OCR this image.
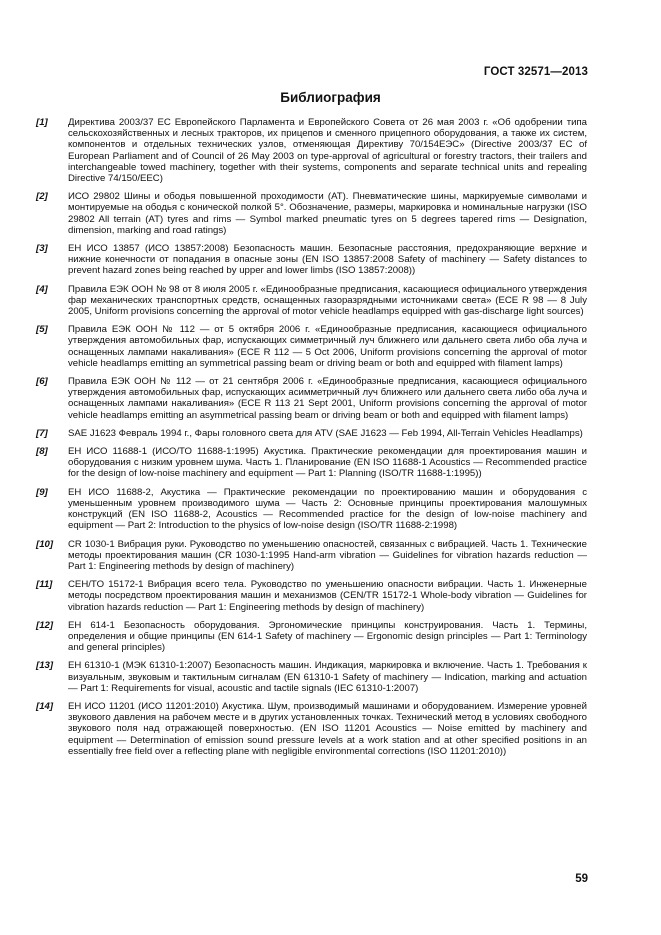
ГОСТ 32571—2013
Библиография
[1]	Директива 2003/37 ЕС Европейского Парламента и Европейского Совета от 26 мая 2003 г. «Об одобрении типа сельскохозяйственных и лесных тракторов, их прицепов и сменного прицепного оборудования, а также их систем, компонентов и отдельных технических узлов, отменяющая Директиву 70/154ЕЭС» (Directive 2003/37 EC of European Parliament and of Council of 26 May 2003 on type-approval of agricultural or forestry tractors, their trailers and interchangeable towed machinery, together with their systems, components and separate technical units and repealing Directive 74/150/EEC)
[2]	ИСО 29802 Шины и ободья повышенной проходимости (AT). Пневматические шины, маркируемые символами и монтируемые на ободья с конической полкой 5°. Обозначение, размеры, маркировка и номинальные нагрузки (ISO 29802 All terrain (AT) tyres and rims — Symbol marked pneumatic tyres on 5 degrees tapered rims — Designation, dimension, marking and road ratings)
[3]	ЕН ИСО 13857 (ИСО 13857:2008) Безопасность машин. Безопасные расстояния, предохраняющие верхние и нижние конечности от попадания в опасные зоны (EN ISO 13857:2008 Safety of machinery — Safety distances to prevent hazard zones being reached by upper and lower limbs (ISO 13857:2008))
[4]	Правила ЕЭК ООН № 98 от 8 июля 2005 г. «Единообразные предписания, касающиеся официального утверждения фар механических транспортных средств, оснащенных газоразрядными источниками света» (ECE R 98 — 8 July 2005, Uniform provisions concerning the approval of motor vehicle headlamps equipped with gas-discharge light sources)
[5]	Правила ЕЭК ООН № 112 — от 5 октября 2006 г. «Единообразные предписания, касающиеся официального утверждения автомобильных фар, испускающих симметричный луч ближнего или дальнего света либо оба луча и оснащенных лампами накаливания» (ECE R 112 — 5 Oct 2006, Uniform provisions concerning the approval of motor vehicle headlamps emitting an symmetrical passing beam or driving beam or both and equipped with filament lamps)
[6]	Правила ЕЭК ООН № 112 — от 21 сентября 2006 г. «Единообразные предписания, касающиеся официального утверждения автомобильных фар, испускающих асимметричный луч ближнего или дальнего света либо оба луча и оснащенных лампами накаливания» (ECE R 113 21 Sept 2001, Uniform provisions concerning the approval of motor vehicle headlamps emitting an asymmetrical passing beam or driving beam or both and equipped with filament lamps)
[7]	SAE J1623 Февраль 1994 г., Фары головного света для ATV (SAE J1623 — Feb 1994, All-Terrain Vehicles Headlamps)
[8]	ЕН ИСО 11688-1 (ИСО/ТО 11688-1:1995) Акустика. Практические рекомендации для проектирования машин и оборудования с низким уровнем шума. Часть 1. Планирование (EN ISO 11688-1 Acoustics — Recommended practice for the design of low-noise machinery and equipment — Part 1: Planning (ISO/TR 11688-1:1995))
[9]	ЕН ИСО 11688-2, Акустика — Практические рекомендации по проектированию машин и оборудования с уменьшенным уровнем производимого шума — Часть 2: Основные принципы проектирования малошумных конструкций (EN ISO 11688-2, Acoustics — Recommended practice for the design of low-noise machinery and equipment — Part 2: Introduction to the physics of low-noise design (ISO/TR 11688-2:1998)
[10]	CR 1030-1 Вибрация руки. Руководство по уменьшению опасностей, связанных с вибрацией. Часть 1. Технические методы проектирования машин (CR 1030-1:1995 Hand-arm vibration — Guidelines for vibration hazards reduction — Part 1: Engineering methods by design of machinery)
[11]	CEH/TO 15172-1 Вибрация всего тела. Руководство по уменьшению опасности вибрации. Часть 1. Инженерные методы посредством проектирования машин и механизмов (CEN/TR 15172-1 Whole-body vibration — Guidelines for vibration hazards reduction — Part 1: Engineering methods by design of machinery)
[12]	ЕН 614-1 Безопасность оборудования. Эргономические принципы конструирования. Часть 1. Термины, определения и общие принципы (EN 614-1 Safety of machinery — Ergonomic design principles — Part 1: Terminology and general principles)
[13]	ЕН 61310-1 (МЭК 61310-1:2007) Безопасность машин. Индикация, маркировка и включение. Часть 1. Требования к визуальным, звуковым и тактильным сигналам (EN 61310-1 Safety of machinery — Indication, marking and actuation — Part 1: Requirements for visual, acoustic and tactile signals (IEC 61310-1:2007)
[14]	ЕН ИСО 11201 (ИСО 11201:2010) Акустика. Шум, производимый машинами и оборудованием. Измерение уровней звукового давления на рабочем месте и в других установленных точках. Технический метод в условиях свободного звукового поля над отражающей поверхностью. (EN ISO 11201 Acoustics — Noise emitted by machinery and equipment — Determination of emission sound pressure levels at a work station and at other specified positions in an essentially free field over a reflecting plane with negligible environmental corrections (ISO 11201:2010))
59
